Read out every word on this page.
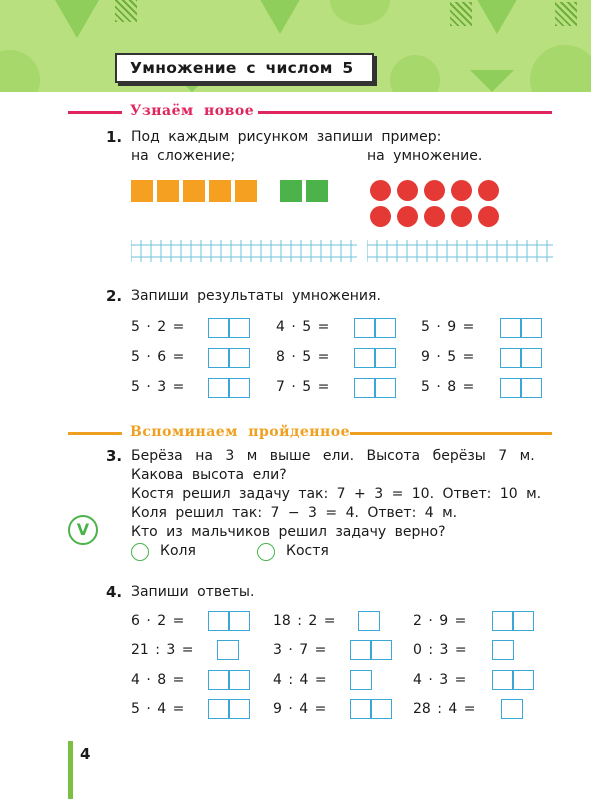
Умножение с числом 5
Узнаём новое
1. Под каждым рисунком запиши пример:
на сложение;	на умножение.
2. Запиши результаты умножения.
5 · 2 =	4 · 5 =	5 · 9 =
5 · 6 =	8 · 5 =	9 · 5 =
5 · 3 =	7 · 5 =	5 · 8 =
Вспоминаем пройденное
3. Берёза на 3 м выше ели. Высота берёзы 7 м.
Какова высота ели?
Костя решил задачу так: 7 + 3 = 10. Ответ: 10 м.
Коля решил так: 7 − 3 = 4. Ответ: 4 м.
Кто из мальчиков решил задачу верно?
V
Коля	Костя
4. Запиши ответы.
6 · 2 =	18 : 2 =	2 · 9 =
21 : 3 =	3 · 7 =	0 : 3 =
4 · 8 =	4 : 4 =	4 · 3 =
5 · 4 =	9 · 4 =	28 : 4 =
4
